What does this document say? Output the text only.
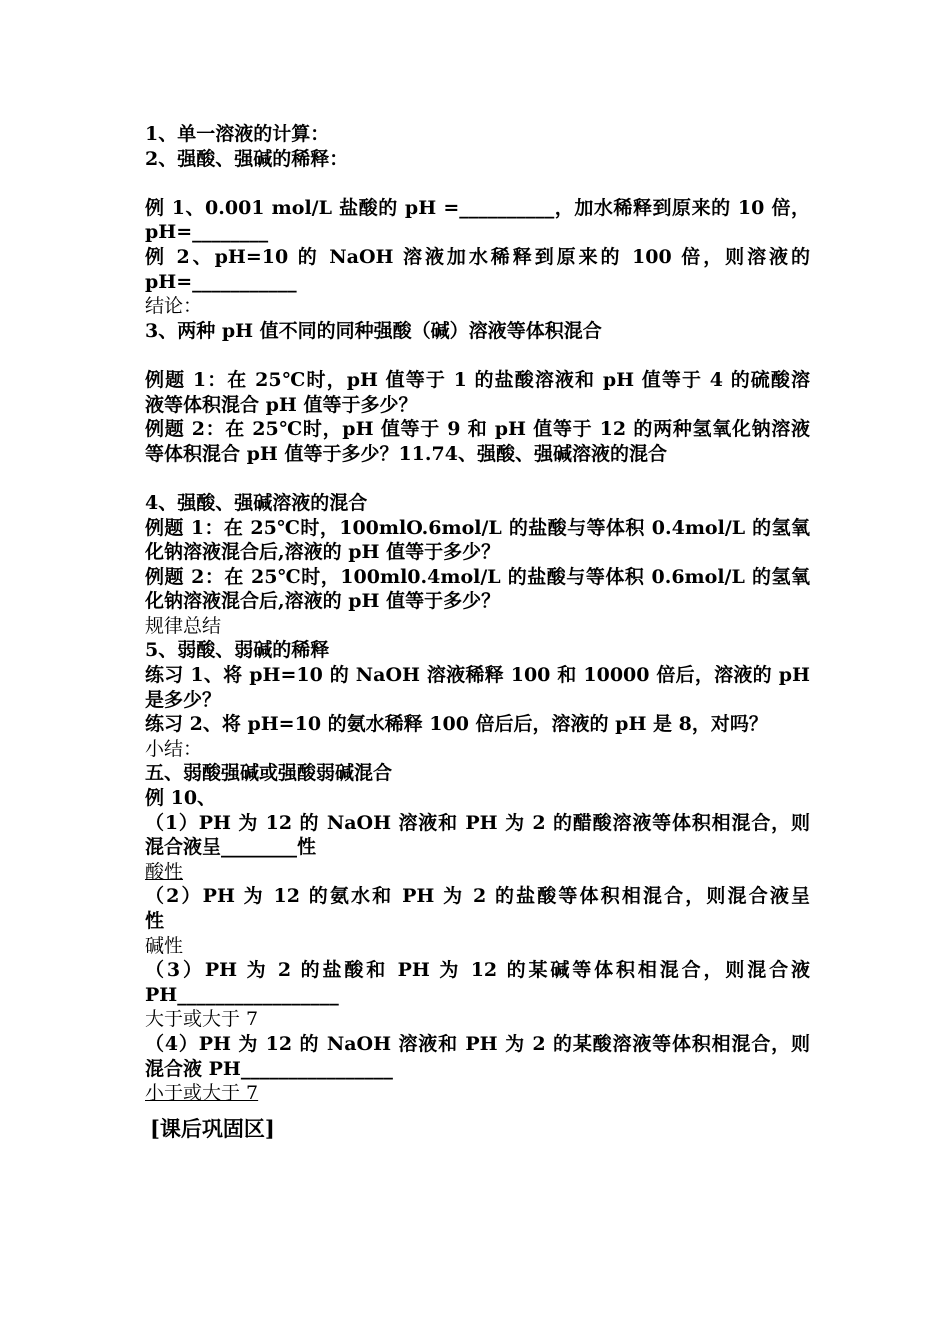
1、单一溶液的计算：
2、强酸、强碱的稀释：
例 1、0.001 mol/L 盐酸的 pH =__________，加水稀释到原来的 10 倍，
pH=________
例 2、pH=10 的 NaOH 溶液加水稀释到原来的 100 倍，则溶液的
pH=___________
结论：
3、两种 pH 值不同的同种强酸（碱）溶液等体积混合
例题 1：在 25℃时，pH 值等于 1 的盐酸溶液和 pH 值等于 4 的硫酸溶
液等体积混合 pH 值等于多少？
例题 2：在 25℃时，pH 值等于 9 和 pH 值等于 12 的两种氢氧化钠溶液
等体积混合 pH 值等于多少？11.74、强酸、强碱溶液的混合
4、强酸、强碱溶液的混合
例题 1：在 25℃时，100mlO.6mol/L 的盐酸与等体积 0.4mol/L 的氢氧
化钠溶液混合后,溶液的 pH 值等于多少？
例题 2：在 25℃时，100ml0.4mol/L 的盐酸与等体积 0.6mol/L 的氢氧
化钠溶液混合后,溶液的 pH 值等于多少？
规律总结
5、弱酸、弱碱的稀释
练习 1、将 pH=10 的 NaOH 溶液稀释 100 和 10000 倍后，溶液的 pH
是多少？
练习 2、将 pH=10 的氨水稀释 100 倍后后，溶液的 pH 是 8，对吗？
小结：
五、弱酸强碱或强酸弱碱混合
例 10、
（1）PH 为 12 的 NaOH 溶液和 PH 为 2 的醋酸溶液等体积相混合，则
混合液呈________性
酸性
（2）PH 为 12 的氨水和 PH 为 2 的盐酸等体积相混合，则混合液呈
性
碱性
（3）PH 为 2 的盐酸和 PH 为 12 的某碱等体积相混合，则混合液
PH_________________
大于或大于 7
（4）PH 为 12 的 NaOH 溶液和 PH 为 2 的某酸溶液等体积相混合，则
混合液 PH________________
小于或大于 7
[课后巩固区]
